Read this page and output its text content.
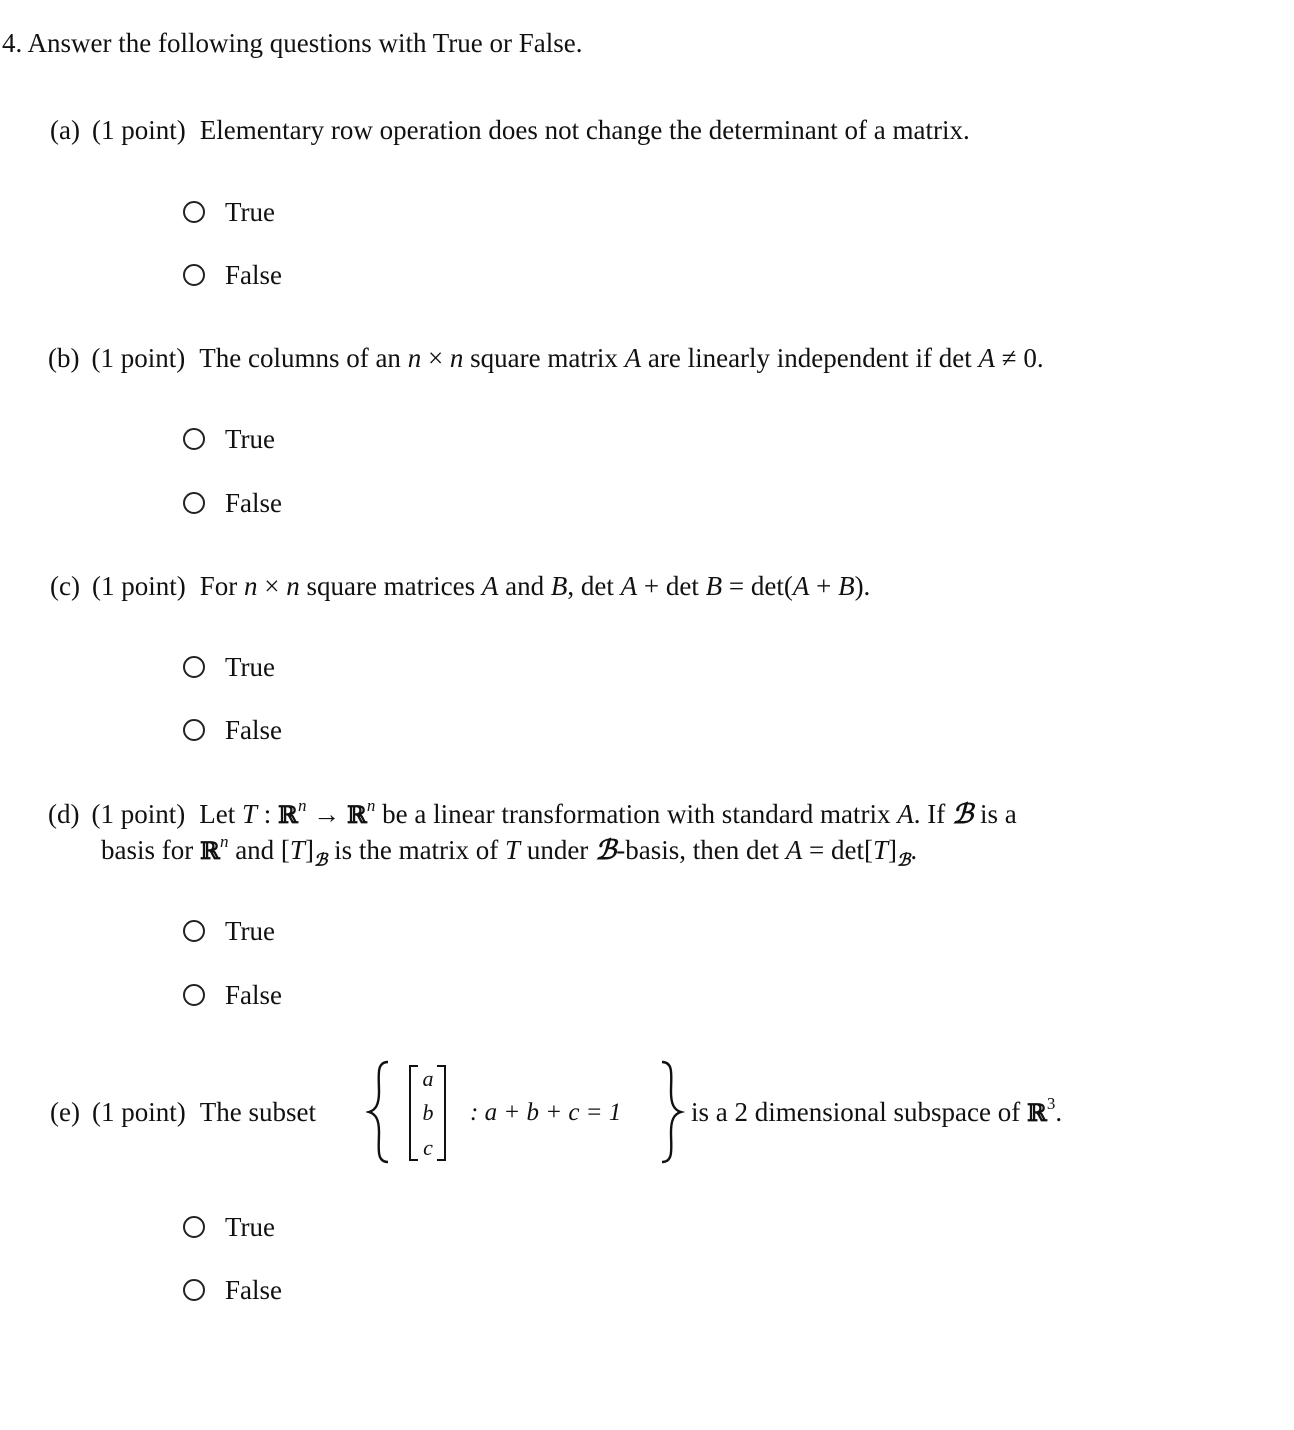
4. Answer the following questions with True or False.
(a) (1 point) Elementary row operation does not change the determinant of a matrix.
True
False
(b) (1 point) The columns of an n × n square matrix A are linearly independent if det A ≠ 0.
True
False
(c) (1 point) For n × n square matrices A and B, det A + det B = det(A + B).
True
False
(d) (1 point) Let T : ℝ$^n$ → ℝ$^n$ be a linear transformation with standard matrix A. If ℬ is a
basis for ℝ$^n$ and $[T]_ℬ$ is the matrix of T under ℬ-basis, then $\det A = \det[T]_ℬ$.
True
False
(e) (1 point) The subset
a
b
c
: a + b + c = 1	is a 2 dimensional subspace of ℝ$^3$.
True
False
